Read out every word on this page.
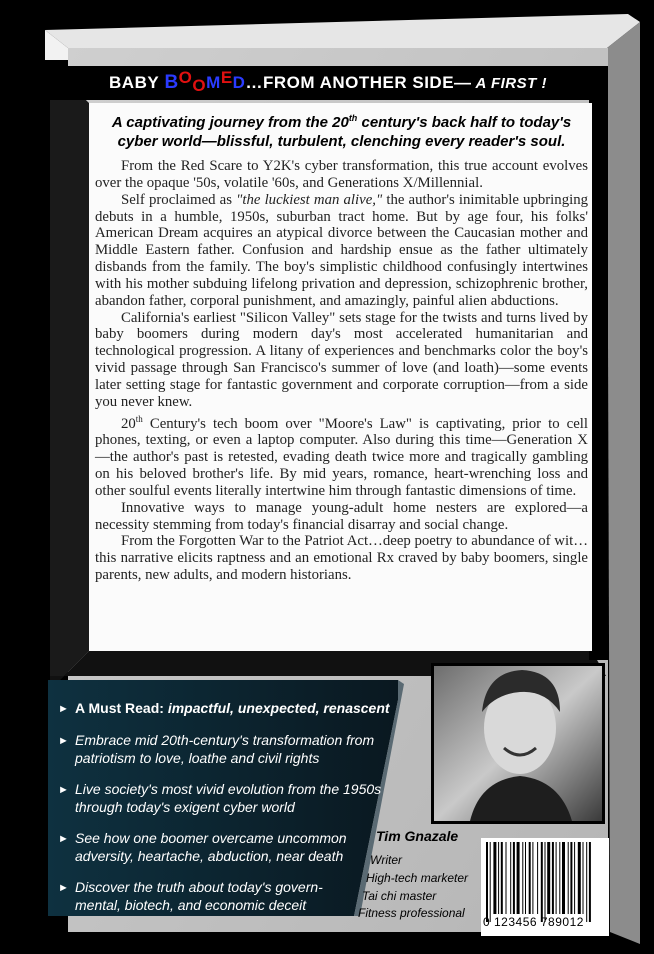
BABY
BOOMED …FROM ANOTHER SIDE— A FIRST !

A captivating journey from the 20th century's back half to today's cyber world—blissful, turbulent, clenching every reader's soul.

From the Red Scare to Y2K's cyber transformation, this true account evolves over the opaque '50s, volatile '60s, and Generations X/Millennial.

Self proclaimed as "the luckiest man alive," the author's inimitable upbringing debuts in a humble, 1950s, suburban tract home. But by age four, his folks' American Dream acquires an atypical divorce between the Caucasian mother and Middle Eastern father. Confusion and hardship ensue as the father ultimately disbands from the family. The boy's simplistic childhood confusingly intertwines with his mother subduing lifelong privation and depression, schizophrenic brother, abandon father, corporal punishment, and amazingly, painful alien abductions.

California's earliest "Silicon Valley" sets stage for the twists and turns lived by baby boomers during modern day's most accelerated humanitarian and technological progression. A litany of experiences and benchmarks color the boy's vivid passage through San Francisco's summer of love (and loath)—some events later setting stage for fantastic government and corporate corruption—from a side you never knew.

20th Century's tech boom over "Moore's Law" is captivating, prior to cell phones, texting, or even a laptop computer. Also during this time—Generation X—the author's past is retested, evading death twice more and tragically gambling on his beloved brother's life. By mid years, romance, heart-wrenching loss and other soulful events literally intertwine him through fantastic dimensions of time.

Innovative ways to manage young-adult home nesters are explored—a necessity stemming from today's financial disarray and social change.

From the Forgotten War to the Patriot Act…deep poetry to abundance of wit…this narrative elicits raptness and an emotional Rx craved by baby boomers, single parents, new adults, and modern historians.

► A Must Read: impactful, unexpected, renascent
► Embrace mid 20th-century's transformation from patriotism to love, loathe and civil rights
► Live society's most vivid evolution from the 1950s through today's exigent cyber world
► See how one boomer overcame uncommon adversity, heartache, abduction, near death
► Discover the truth about today's govern-mental, biotech, and economic deceit
Tim Gnazale
Writer
High-tech marketer
Tai chi master
Fitness professional
0 123456 789012
